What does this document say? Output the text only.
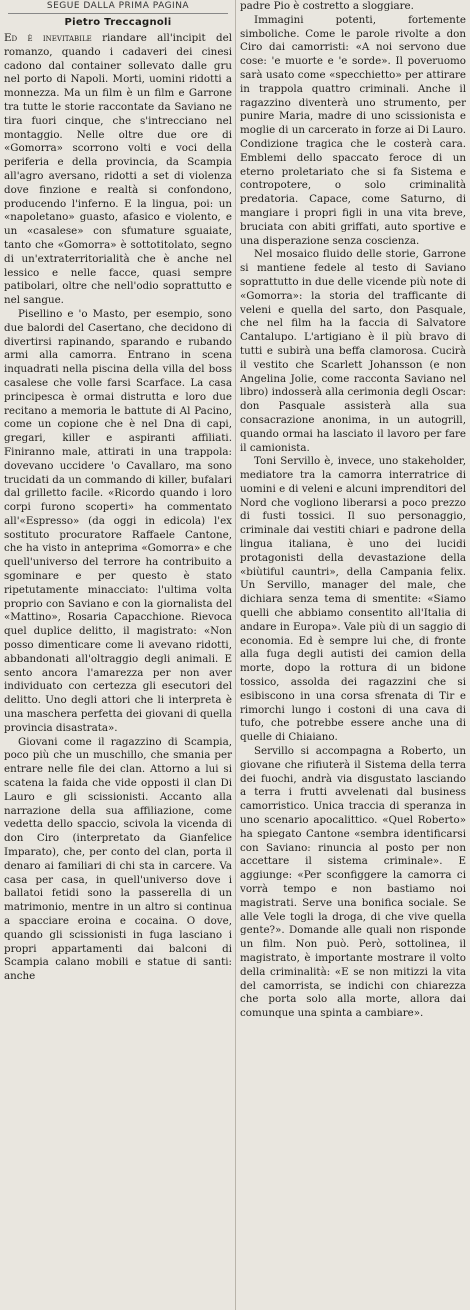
SEGUE DALLA PRIMA PAGINA
Pietro Treccagnoli

Ed è inevitabile riandare all'incipit del romanzo, quando i cadaveri dei cinesi cadono dal container sollevato dalle gru nel porto di Napoli. Morti, uomini ridotti a monnezza. Ma un film è un film e Garrone tra tutte le storie raccontate da Saviano ne tira fuori cinque, che s'intrecciano nel montaggio. Nelle oltre due ore di «Gomorra» scorrono volti e voci della periferia e della provincia, da Scampia all'agro aversano, ridotti a set di violenza dove finzione e realtà si confondono, producendo l'inferno. E la lingua, poi: un «napoletano» guasto, afasico e violento, e un «casalese» con sfumature sguaiate, tanto che «Gomorra» è sottotitolato, segno di un'extraterritorialità che è anche nel lessico e nelle facce, quasi sempre patibolari, oltre che nell'odio soprattutto e nel sangue.

Pisellino e 'o Masto, per esempio, sono due balordi del Casertano, che decidono di divertirsi rapinando, sparando e rubando armi alla camorra. Entrano in scena inquadrati nella piscina della villa del boss casalese che volle farsi Scarface. La casa principesca è ormai distrutta e loro due recitano a memoria le battute di Al Pacino, come un copione che è nel Dna di capi, gregari, killer e aspiranti affiliati. Finiranno male, attirati in una trappola: dovevano uccidere 'o Cavallaro, ma sono trucidati da un commando di killer, bufalari dal grilletto facile. «Ricordo quando i loro corpi furono scoperti» ha commentato all'«Espresso» (da oggi in edicola) l'ex sostituto procuratore Raffaele Cantone, che ha visto in anteprima «Gomorra» e che quell'universo del terrore ha contribuito a sgominare e per questo è stato ripetutamente minacciato: l'ultima volta proprio con Saviano e con la giornalista del «Mattino», Rosaria Capacchione. Rievoca quel duplice delitto, il magistrato: «Non posso dimenticare come li avevano ridotti, abbandonati all'oltraggio degli animali. E sento ancora l'amarezza per non aver individuato con certezza gli esecutori del delitto. Uno degli attori che li interpreta è una maschera perfetta dei giovani di quella provincia disastrata».

Giovani come il ragazzino di Scampia, poco più che un muschillo, che smania per entrare nelle file dei clan. Attorno a lui si scatena la faida che vide opposti il clan Di Lauro e gli scissionisti. Accanto alla narrazione della sua affiliazione, come vedetta dello spaccio, scivola la vicenda di don Ciro (interpretato da Gianfelice Imparato), che, per conto del clan, porta il denaro ai familiari di chi sta in carcere. Va casa per casa, in quell'universo dove i ballatoi fetidi sono la passerella di un matrimonio, mentre in un altro si continua a spacciare eroina e cocaina. O dove, quando gli scissionisti in fuga lasciano i propri appartamenti dai balconi di Scampia calano mobili e statue di santi: anche

padre Pio è costretto a sloggiare.

Immagini potenti, fortemente simboliche. Come le parole rivolte a don Ciro dai camorristi: «A noi servono due cose: 'e muorte e 'e sorde». Il poveruomo sarà usato come «specchietto» per attirare in trappola quattro criminali. Anche il ragazzino diventerà uno strumento, per punire Maria, madre di uno scissionista e moglie di un carcerato in forze ai Di Lauro. Condizione tragica che le costerà cara. Emblemi dello spaccato feroce di un eterno proletariato che si fa Sistema e contropotere, o solo criminalità predatoria. Capace, come Saturno, di mangiare i propri figli in una vita breve, bruciata con abiti griffati, auto sportive e una disperazione senza coscienza.

Nel mosaico fluido delle storie, Garrone si mantiene fedele al testo di Saviano soprattutto in due delle vicende più note di «Gomorra»: la storia del trafficante di veleni e quella del sarto, don Pasquale, che nel film ha la faccia di Salvatore Cantalupo. L'artigiano è il più bravo di tutti e subirà una beffa clamorosa. Cucirà il vestito che Scarlett Johansson (e non Angelina Jolie, come racconta Saviano nel libro) indosserà alla cerimonia degli Oscar: don Pasquale assisterà alla sua consacrazione anonima, in un autogrill, quando ormai ha lasciato il lavoro per fare il camionista.

Toni Servillo è, invece, uno stakeholder, mediatore tra la camorra interratrice di uomini e di veleni e alcuni imprenditori del Nord che vogliono liberarsi a poco prezzo di fusti tossici. Il suo personaggio, criminale dai vestiti chiari e padrone della lingua italiana, è uno dei lucidi protagonisti della devastazione della «biùtiful cauntri», della Campania felix. Un Servillo, manager del male, che dichiara senza tema di smentite: «Siamo quelli che abbiamo consentito all'Italia di andare in Europa». Vale più di un saggio di economia. Ed è sempre lui che, di fronte alla fuga degli autisti dei camion della morte, dopo la rottura di un bidone tossico, assolda dei ragazzini che si esibiscono in una corsa sfrenata di Tir e rimorchi lungo i costoni di una cava di tufo, che potrebbe essere anche una di quelle di Chiaiano.

Servillo si accompagna a Roberto, un giovane che rifiuterà il Sistema della terra dei fuochi, andrà via disgustato lasciando a terra i frutti avvelenati dal business camorristico. Unica traccia di speranza in uno scenario apocalittico. «Quel Roberto» ha spiegato Cantone «sembra identificarsi con Saviano: rinuncia al posto per non accettare il sistema criminale». E aggiunge: «Per sconfiggere la camorra ci vorrà tempo e non bastiamo noi magistrati. Serve una bonifica sociale. Se alle Vele togli la droga, di che vive quella gente?». Domande alle quali non risponde un film. Non può. Però, sottolinea, il magistrato, è importante mostrare il volto della criminalità: «E se non mitizzi la vita del camorrista, se indichi con chiarezza che porta solo alla morte, allora dai comunque una spinta a cambiare».
